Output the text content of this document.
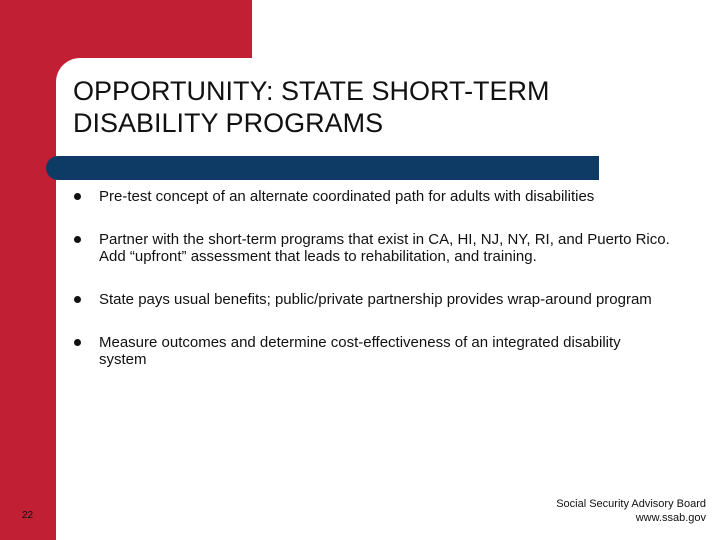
OPPORTUNITY: STATE SHORT-TERM
DISABILITY PROGRAMS
Pre-test concept of an alternate coordinated path for adults with disabilities
Partner with the short-term programs that exist in CA, HI, NJ, NY, RI, and Puerto Rico. Add “upfront” assessment that leads to rehabilitation, and training.
State pays usual benefits; public/private partnership provides wrap-around program
Measure outcomes and determine cost-effectiveness of an integrated disability system
22
Social Security Advisory Board
www.ssab.gov
